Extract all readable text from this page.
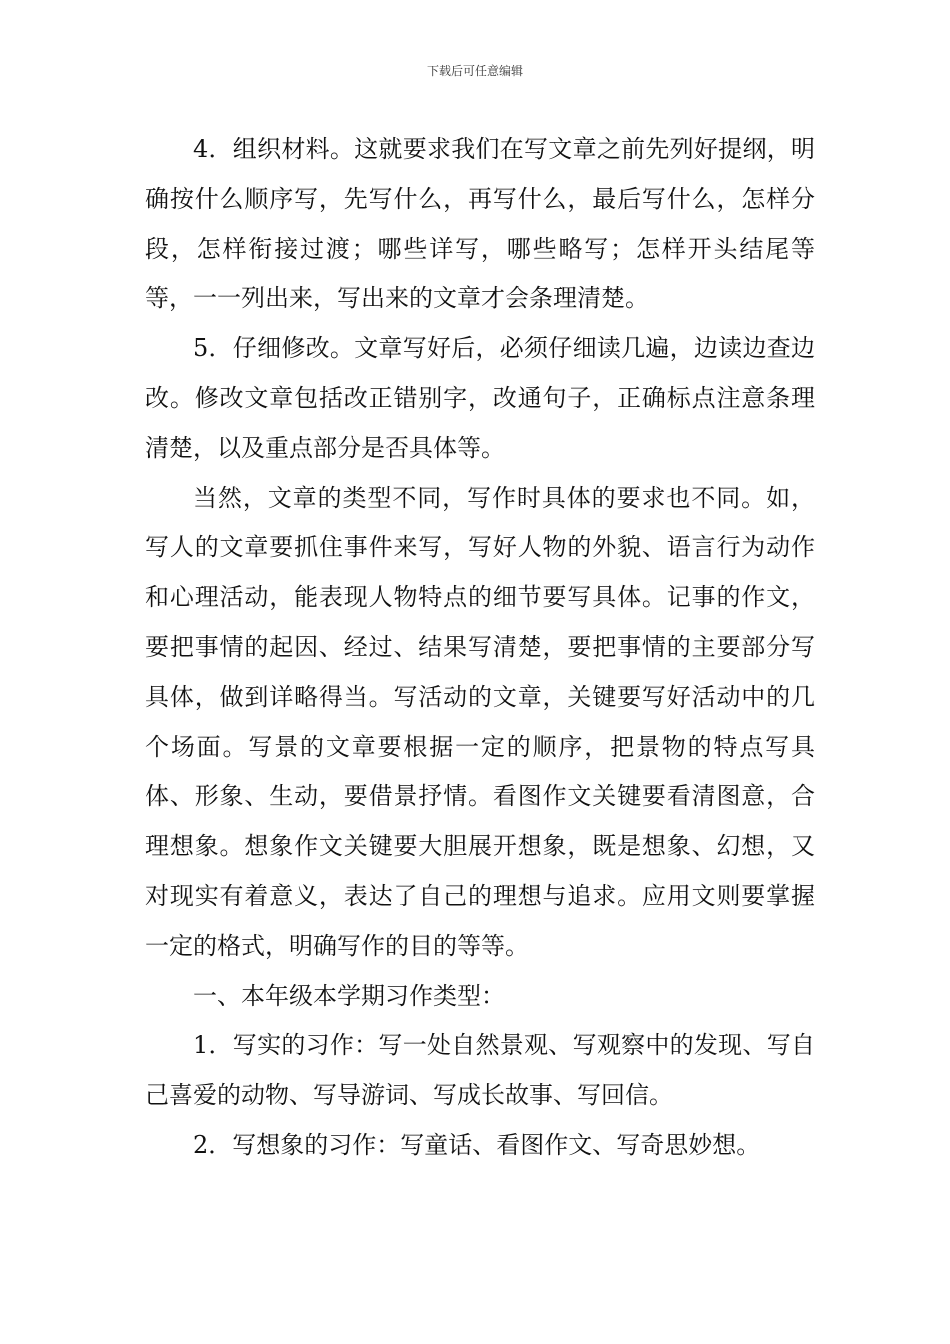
下载后可任意编辑

4．组织材料。这就要求我们在写文章之前先列好提纲，明确按什么顺序写，先写什么，再写什么，最后写什么，怎样分段，怎样衔接过渡；哪些详写，哪些略写；怎样开头结尾等等，一一列出来，写出来的文章才会条理清楚。

5．仔细修改。文章写好后，必须仔细读几遍，边读边查边改。修改文章包括改正错别字，改通句子，正确标点注意条理清楚，以及重点部分是否具体等。

当然，文章的类型不同，写作时具体的要求也不同。如，写人的文章要抓住事件来写，写好人物的外貌、语言行为动作和心理活动，能表现人物特点的细节要写具体。记事的作文，要把事情的起因、经过、结果写清楚，要把事情的主要部分写具体，做到详略得当。写活动的文章，关键要写好活动中的几个场面。写景的文章要根据一定的顺序，把景物的特点写具体、形象、生动，要借景抒情。看图作文关键要看清图意，合理想象。想象作文关键要大胆展开想象，既是想象、幻想，又对现实有着意义，表达了自己的理想与追求。应用文则要掌握一定的格式，明确写作的目的等等。

一、本年级本学期习作类型：

1．写实的习作：写一处自然景观、写观察中的发现、写自己喜爱的动物、写导游词、写成长故事、写回信。

2．写想象的习作：写童话、看图作文、写奇思妙想。
